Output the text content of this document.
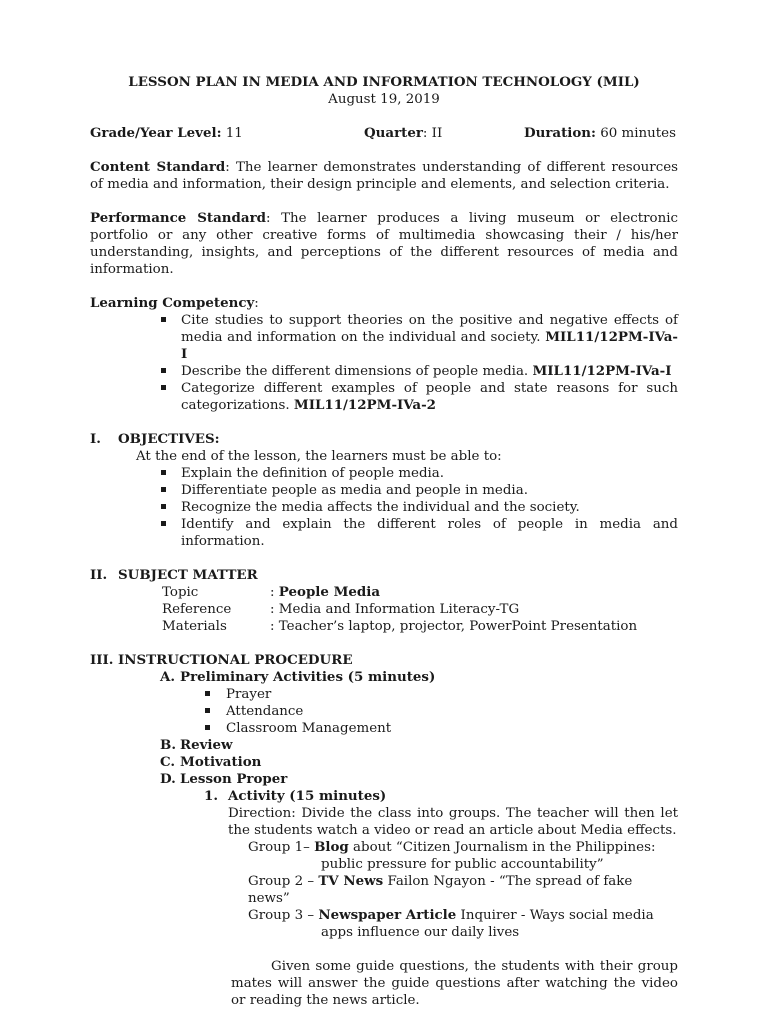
LESSON PLAN IN MEDIA AND INFORMATION TECHNOLOGY (MIL)

August 19, 2019

Grade/Year Level: 11	Quarter: II	Duration: 60 minutes

Content Standard: The learner demonstrates understanding of different resources of media and information, their design principle and elements, and selection criteria.

Performance Standard: The learner produces a living museum or electronic portfolio or any other creative forms of multimedia showcasing their / his/her understanding, insights, and perceptions of the different resources of media and information.

Learning Competency:

Cite studies to support theories on the positive and negative effects of media and information on the individual and society. MIL11/12PM-IVa-I
Describe the different dimensions of people media. MIL11/12PM-IVa-I
Categorize different examples of people and state reasons for such categorizations. MIL11/12PM-IVa-2
I.	OBJECTIVES:

At the end of the lesson, the learners must be able to:

Explain the definition of people media.
Differentiate people as media and people in media.
Recognize the media affects the individual and the society.
Identify and explain the different roles of people in media and information.
II. SUBJECT MATTER
Topic	: People Media
Reference	: Media and Information Literacy-TG
Materials	: Teacher’s laptop, projector, PowerPoint Presentation
III. INSTRUCTIONAL PROCEDURE
A. Preliminary Activities (5 minutes)
Prayer
Attendance
Classroom Management
B. Review
C. Motivation
D. Lesson Proper
1. Activity (15 minutes)

Direction: Divide the class into groups. The teacher will then let the students watch a video or read an article about Media effects.

Group 1– Blog about “Citizen Journalism in the Philippines:

public pressure for public accountability”

Group 2 – TV News Failon Ngayon - “The spread of fake news”

Group 3 – Newspaper Article Inquirer - Ways social media

apps influence our daily lives

Given some guide questions, the students with their group mates will answer the guide questions after watching the video or reading the news article.
